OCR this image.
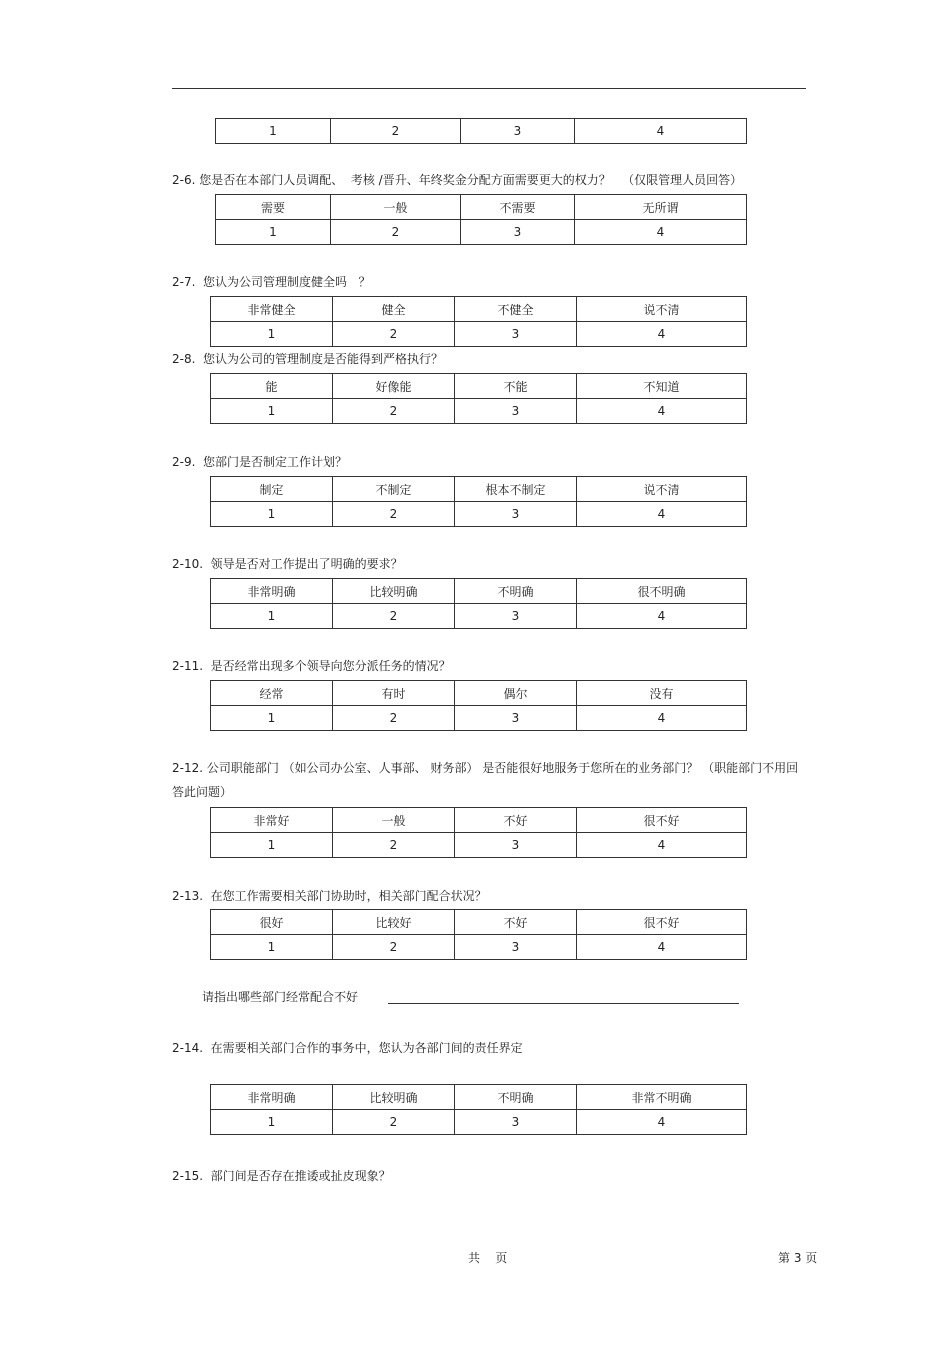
1	2	3	4
2-6. 您是否在本部门人员调配、  考核 /晋升、年终奖金分配方面需要更大的权力？   （仅限管理人员回答）
需要	一般	不需要	无所谓
1	2	3	4
2-7.  您认为公司管理制度健全吗   ？
非常健全	健全	不健全	说不清
1	2	3	4
2-8.  您认为公司的管理制度是否能得到严格执行？
能	好像能	不能	不知道
1	2	3	4
2-9.  您部门是否制定工作计划？
制定	不制定	根本不制定	说不清
1	2	3	4
2-10.  领导是否对工作提出了明确的要求？
非常明确	比较明确	不明确	很不明确
1	2	3	4
2-11.  是否经常出现多个领导向您分派任务的情况？
经常	有时	偶尔	没有
1	2	3	4
2-12. 公司职能部门 （如公司办公室、人事部、 财务部） 是否能很好地服务于您所在的业务部门？ （职能部门不用回答此问题）
非常好	一般	不好	很不好
1	2	3	4
2-13.  在您工作需要相关部门协助时，相关部门配合状况？
很好	比较好	不好	很不好
1	2	3	4
请指出哪些部门经常配合不好
2-14.  在需要相关部门合作的事务中，您认为各部门间的责任界定
非常明确	比较明确	不明确	非常不明确
1	2	3	4
2-15.  部门间是否存在推诿或扯皮现象？
共    页	第 3 页
